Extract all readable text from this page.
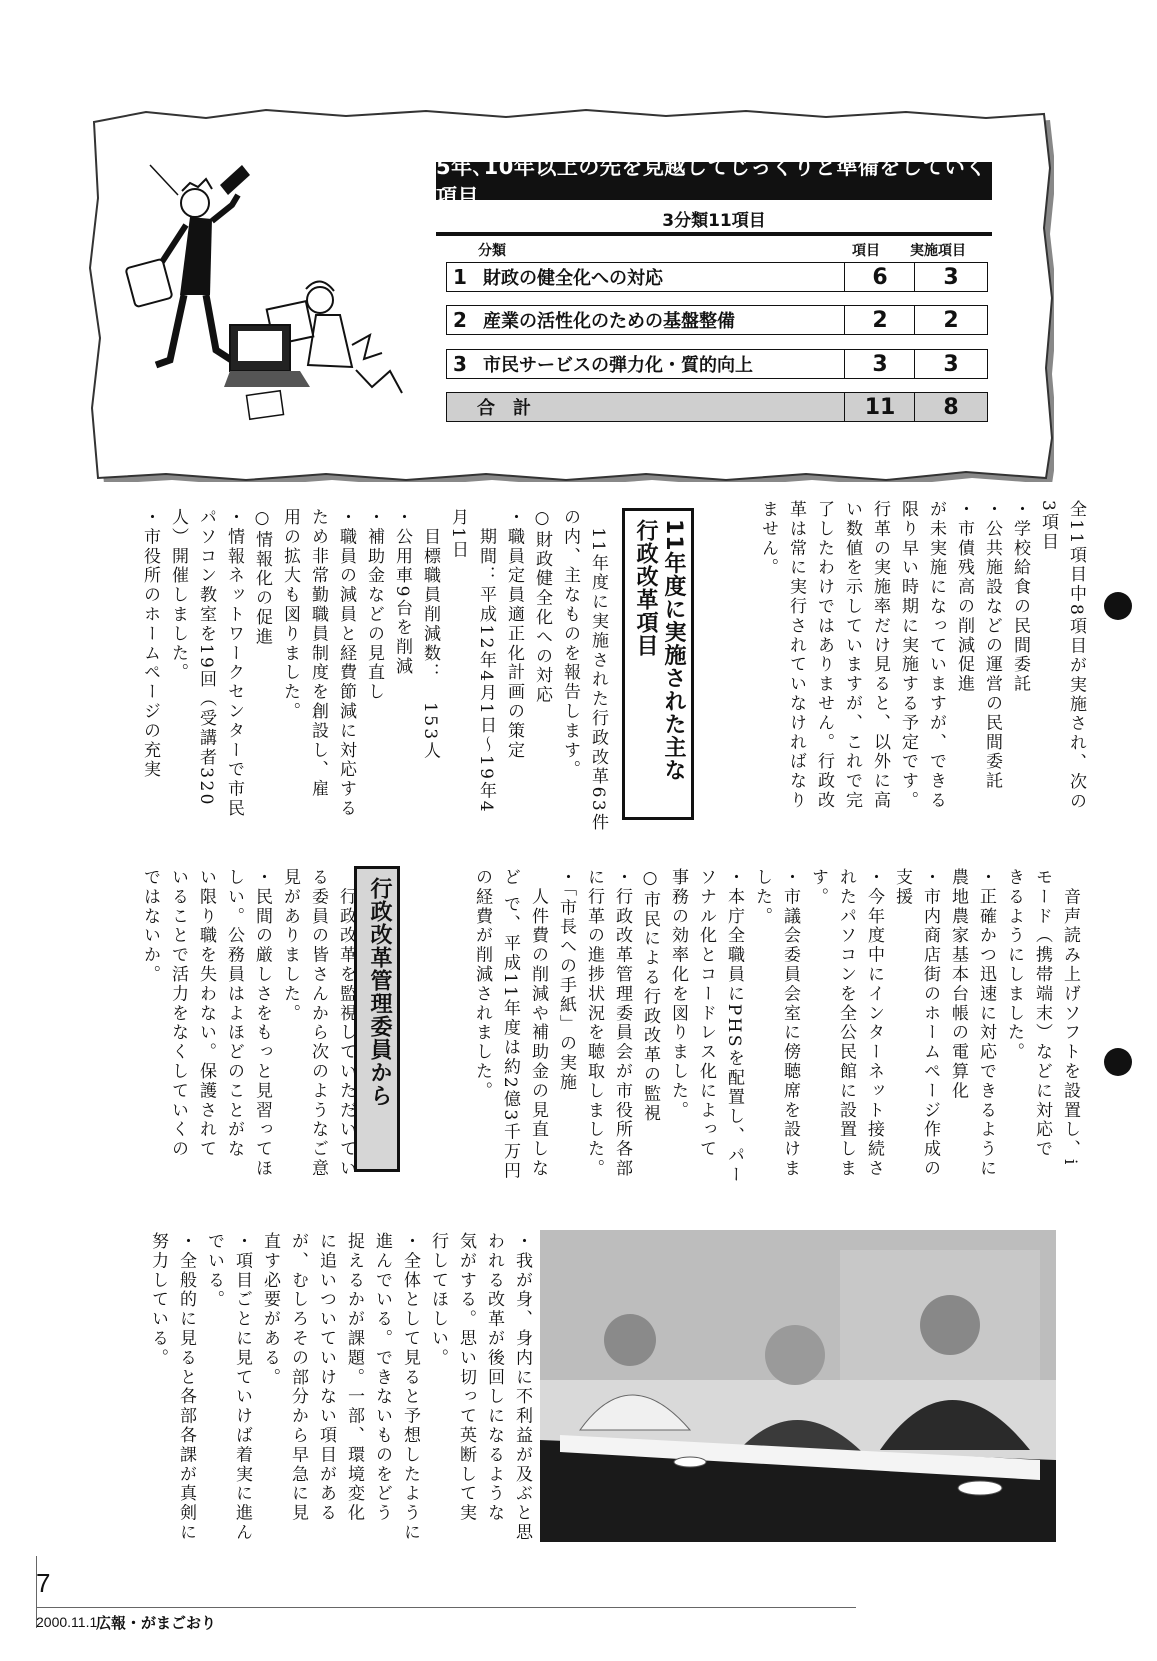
5年､10年以上の先を見越してじっくりと準備をしていく項目
3分類11項目
分類	項目 実施項目
1 財政の健全化への対応	6	3
2 産業の活性化のための基盤整備	2	2
3 市民サービスの弾力化・質的向上	3	3
合　計	11	8

全11項目中8項目が実施され、次の
3項目
・学校給食の民間委託
・公共施設などの運営の民間委託
・市債残高の削減促進
が未実施になっていますが、できる
限り早い時期に実施する予定です。
行革の実施率だけ見ると、以外に高
い数値を示していますが、これで完
了したわけではありません。行政改
革は常に実行されていなければなり
ません。

11年度に実施された主な
行政改革項目

　11年度に実施された行政改革63件
の内、主なものを報告します。
○財政健全化への対応
・職員定員適正化計画の策定
　期間：平成12年4月1日～19年4
月1日
　目標職員削減数：　153人
・公用車9台を削減
・補助金などの見直し
・職員の減員と経費節減に対応する
ため非常勤職員制度を創設し、雇
用の拡大も図りました。
○情報化の促進
・情報ネットワークセンターで市民
パソコン教室を19回（受講者320
人）開催しました。
・市役所のホームページの充実

　音声読み上げソフトを設置し、i
モード（携帯端末）などに対応で
きるようにしました。
・正確かつ迅速に対応できるように
農地農家基本台帳の電算化
・市内商店街のホームページ作成の
支援
・今年度中にインターネット接続さ
れたパソコンを全公民館に設置しま
す。
・市議会委員会室に傍聴席を設けま
した。
・本庁全職員にPHSを配置し、パー
ソナル化とコードレス化によって
事務の効率化を図りました。
○市民による行政改革の監視
・行政改革管理委員会が市役所各部
に行革の進捗状況を聴取しました。
・「市長への手紙」の実施
　人件費の削減や補助金の見直しな
ど で、平成11年度は約2億3千万円
の経費が削減されました。

行政改革管理委員から

　行政改革を監視していただいてい
る委員の皆さんから次のようなご意
見がありました。
・民間の厳しさをもっと見習ってほ
しい。公務員はよほどのことがな
い限り職を失わない。保護されて
いることで活力をなくしていくの
ではないか。

・我が身、身内に不利益が及ぶと思
われる改革が後回しになるような
気がする。思い切って英断して実
行してほしい。
・全体として見ると予想したように
進んでいる。できないものをどう
捉えるかが課題。一部、環境変化
に追いついていけない項目がある
が、むしろその部分から早急に見
直す必要がある。
・項目ごとに見ていけば着実に進ん
でいる。
・全般的に見ると各部各課が真剣に
努力している。

7
2000.11.1
広報・がまごおり
